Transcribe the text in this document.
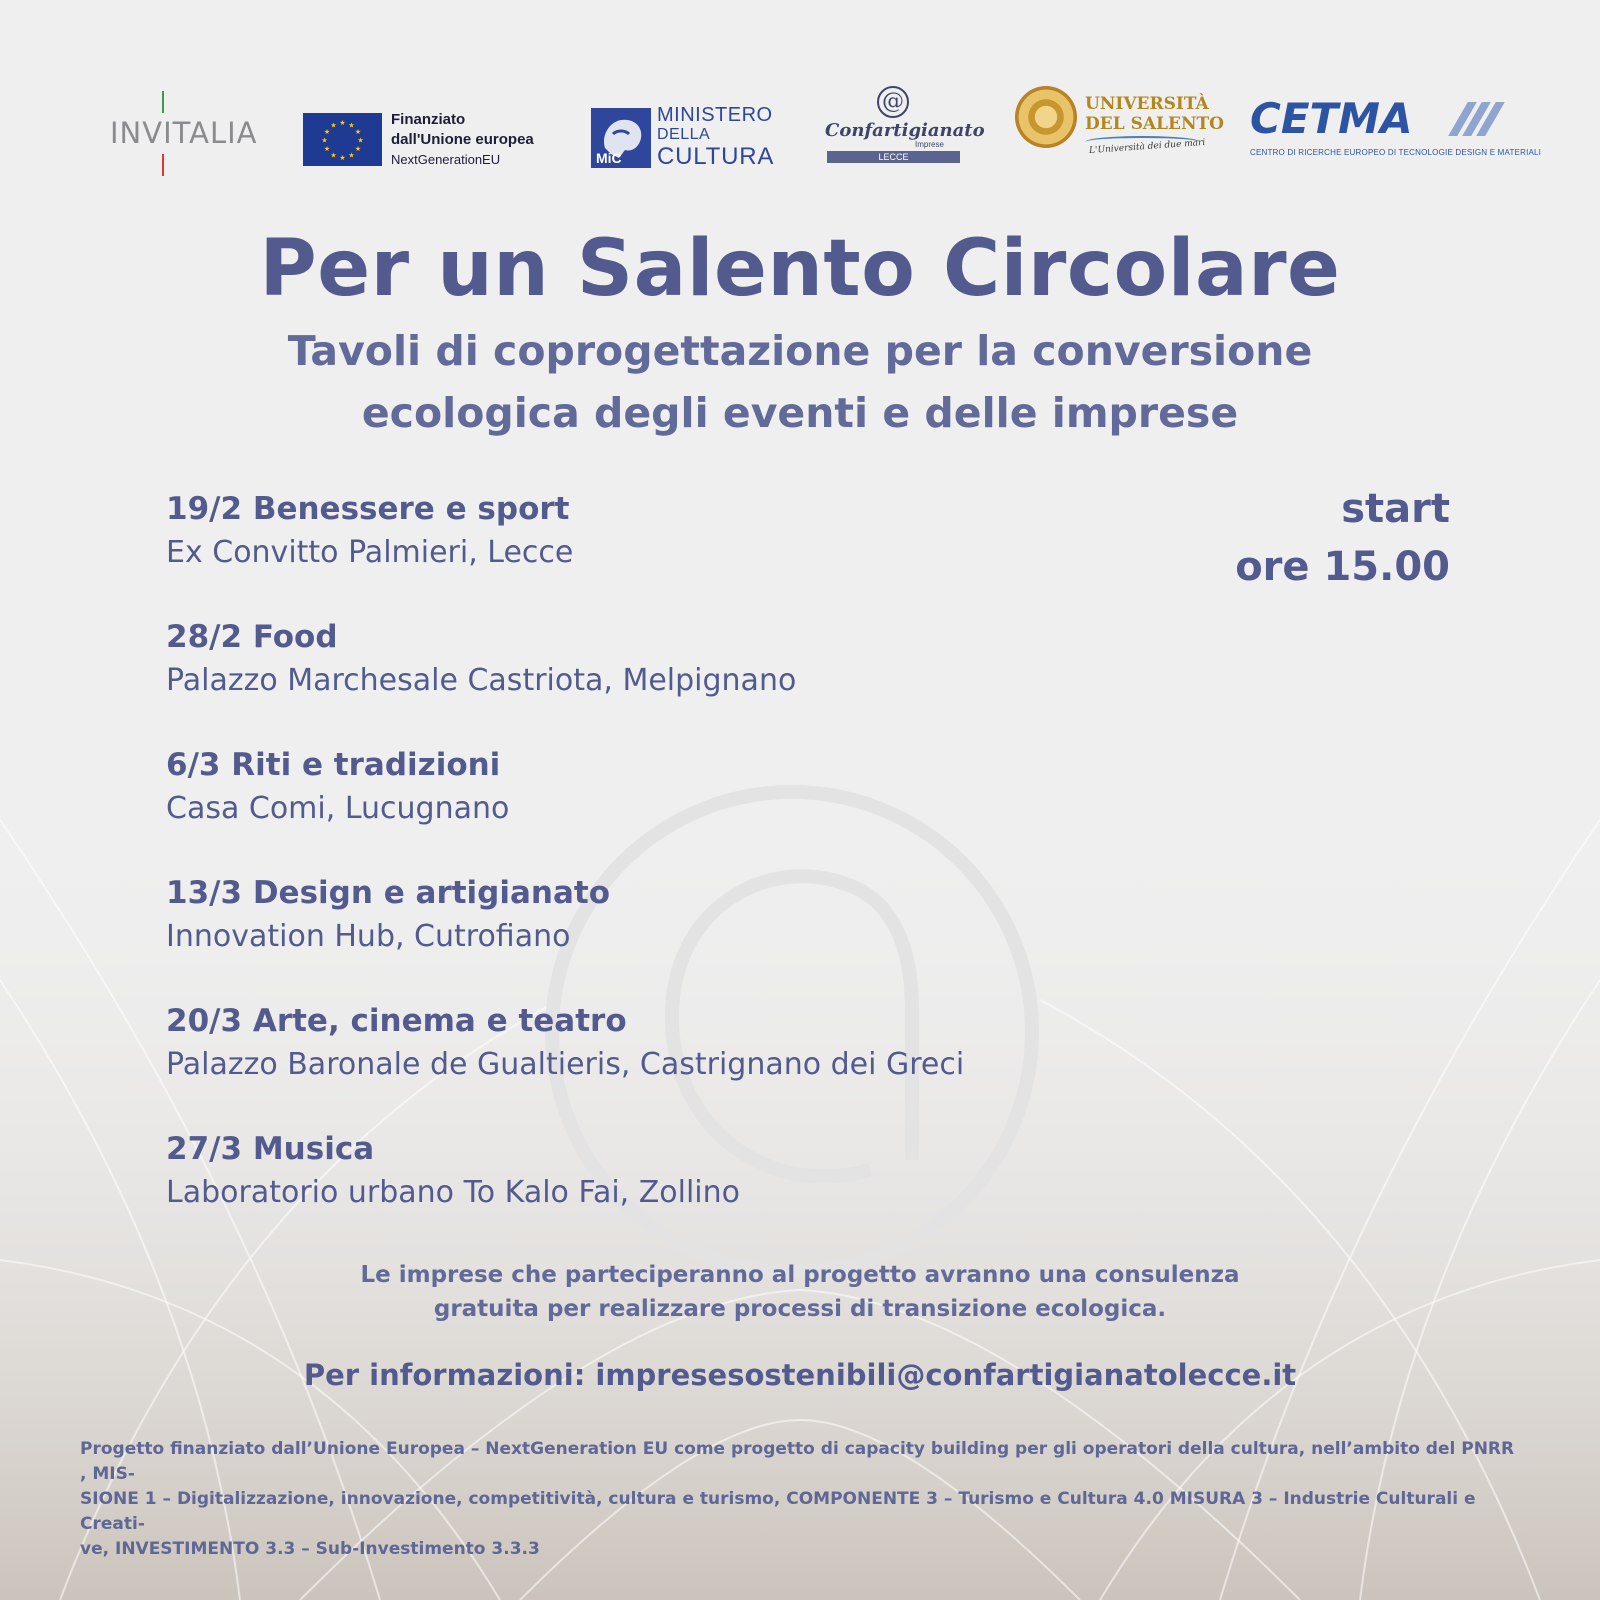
INVITALIA	★ ★
★
★
★
★
★
★
★
★
★
★	Finanziato
dall'Unione europea
NextGenerationEU	MiC
MINISTERO
DELLA
CULTURA
@
Confartigianato
Imprese
LECCE
UNIVERSITÀ
DEL SALENTO
L'Università dei due mari
CETMA
CENTRO DI RICERCHE EUROPEO DI TECNOLOGIE DESIGN E MATERIALI
Per un Salento Circolare
Tavoli di coprogettazione per la conversione
ecologica degli eventi e delle imprese
19/2 Benessere e sport
Ex Convitto Palmieri, Lecce
28/2 Food
Palazzo Marchesale Castriota, Melpignano
6/3 Riti e tradizioni
Casa Comi, Lucugnano
13/3 Design e artigianato
Innovation Hub, Cutrofiano
20/3 Arte, cinema e teatro
Palazzo Baronale de Gualtieris, Castrignano dei Greci
27/3 Musica
Laboratorio urbano To Kalo Fai, Zollino
start
ore 15.00
Le imprese che parteciperanno al progetto avranno una consulenza
gratuita per realizzare processi di transizione ecologica.
Per informazioni: impresesostenibili@confartigianatolecce.it
Progetto finanziato dall’Unione Europea – NextGeneration EU come progetto di capacity building per gli operatori della cultura, nell’ambito del PNRR , MIS-
SIONE 1 – Digitalizzazione, innovazione, competitività, cultura e turismo, COMPONENTE 3 – Turismo e Cultura 4.0 MISURA 3 – Industrie Culturali e Creati-
ve, INVESTIMENTO 3.3 – Sub-Investimento 3.3.3
